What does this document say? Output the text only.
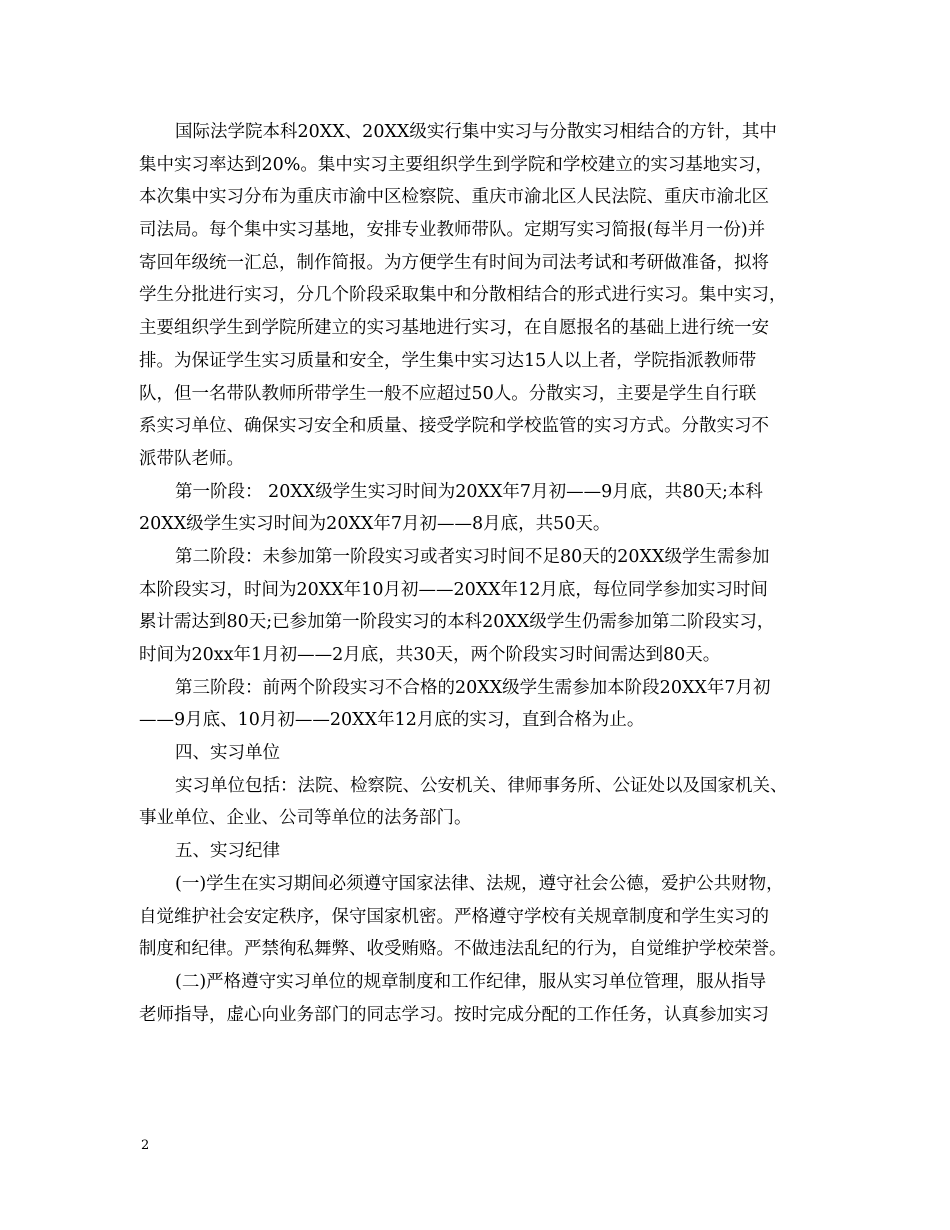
国际法学院本科20XX、20XX级实行集中实习与分散实习相结合的方针，其中
集中实习率达到20%。集中实习主要组织学生到学院和学校建立的实习基地实习，
本次集中实习分布为重庆市渝中区检察院、重庆市渝北区人民法院、重庆市渝北区
司法局。每个集中实习基地，安排专业教师带队。定期写实习简报(每半月一份)并
寄回年级统一汇总，制作简报。为方便学生有时间为司法考试和考研做准备，拟将
学生分批进行实习，分几个阶段采取集中和分散相结合的形式进行实习。集中实习，
主要组织学生到学院所建立的实习基地进行实习，在自愿报名的基础上进行统一安
排。为保证学生实习质量和安全，学生集中实习达15人以上者，学院指派教师带
队，但一名带队教师所带学生一般不应超过50人。分散实习，主要是学生自行联
系实习单位、确保实习安全和质量、接受学院和学校监管的实习方式。分散实习不
派带队老师。
第一阶段： 20XX级学生实习时间为20XX年7月初——9月底，共80天;本科
20XX级学生实习时间为20XX年7月初——8月底，共50天。
第二阶段：未参加第一阶段实习或者实习时间不足80天的20XX级学生需参加
本阶段实习，时间为20XX年10月初——20XX年12月底，每位同学参加实习时间
累计需达到80天;已参加第一阶段实习的本科20XX级学生仍需参加第二阶段实习，
时间为20xx年1月初——2月底，共30天，两个阶段实习时间需达到80天。
第三阶段：前两个阶段实习不合格的20XX级学生需参加本阶段20XX年7月初
——9月底、10月初——20XX年12月底的实习，直到合格为止。
四、实习单位
实习单位包括：法院、检察院、公安机关、律师事务所、公证处以及国家机关、
事业单位、企业、公司等单位的法务部门。
五、实习纪律
(一)学生在实习期间必须遵守国家法律、法规，遵守社会公德，爱护公共财物，
自觉维护社会安定秩序，保守国家机密。严格遵守学校有关规章制度和学生实习的
制度和纪律。严禁徇私舞弊、收受贿赂。不做违法乱纪的行为，自觉维护学校荣誉。
(二)严格遵守实习单位的规章制度和工作纪律，服从实习单位管理，服从指导
老师指导，虚心向业务部门的同志学习。按时完成分配的工作任务，认真参加实习
2
